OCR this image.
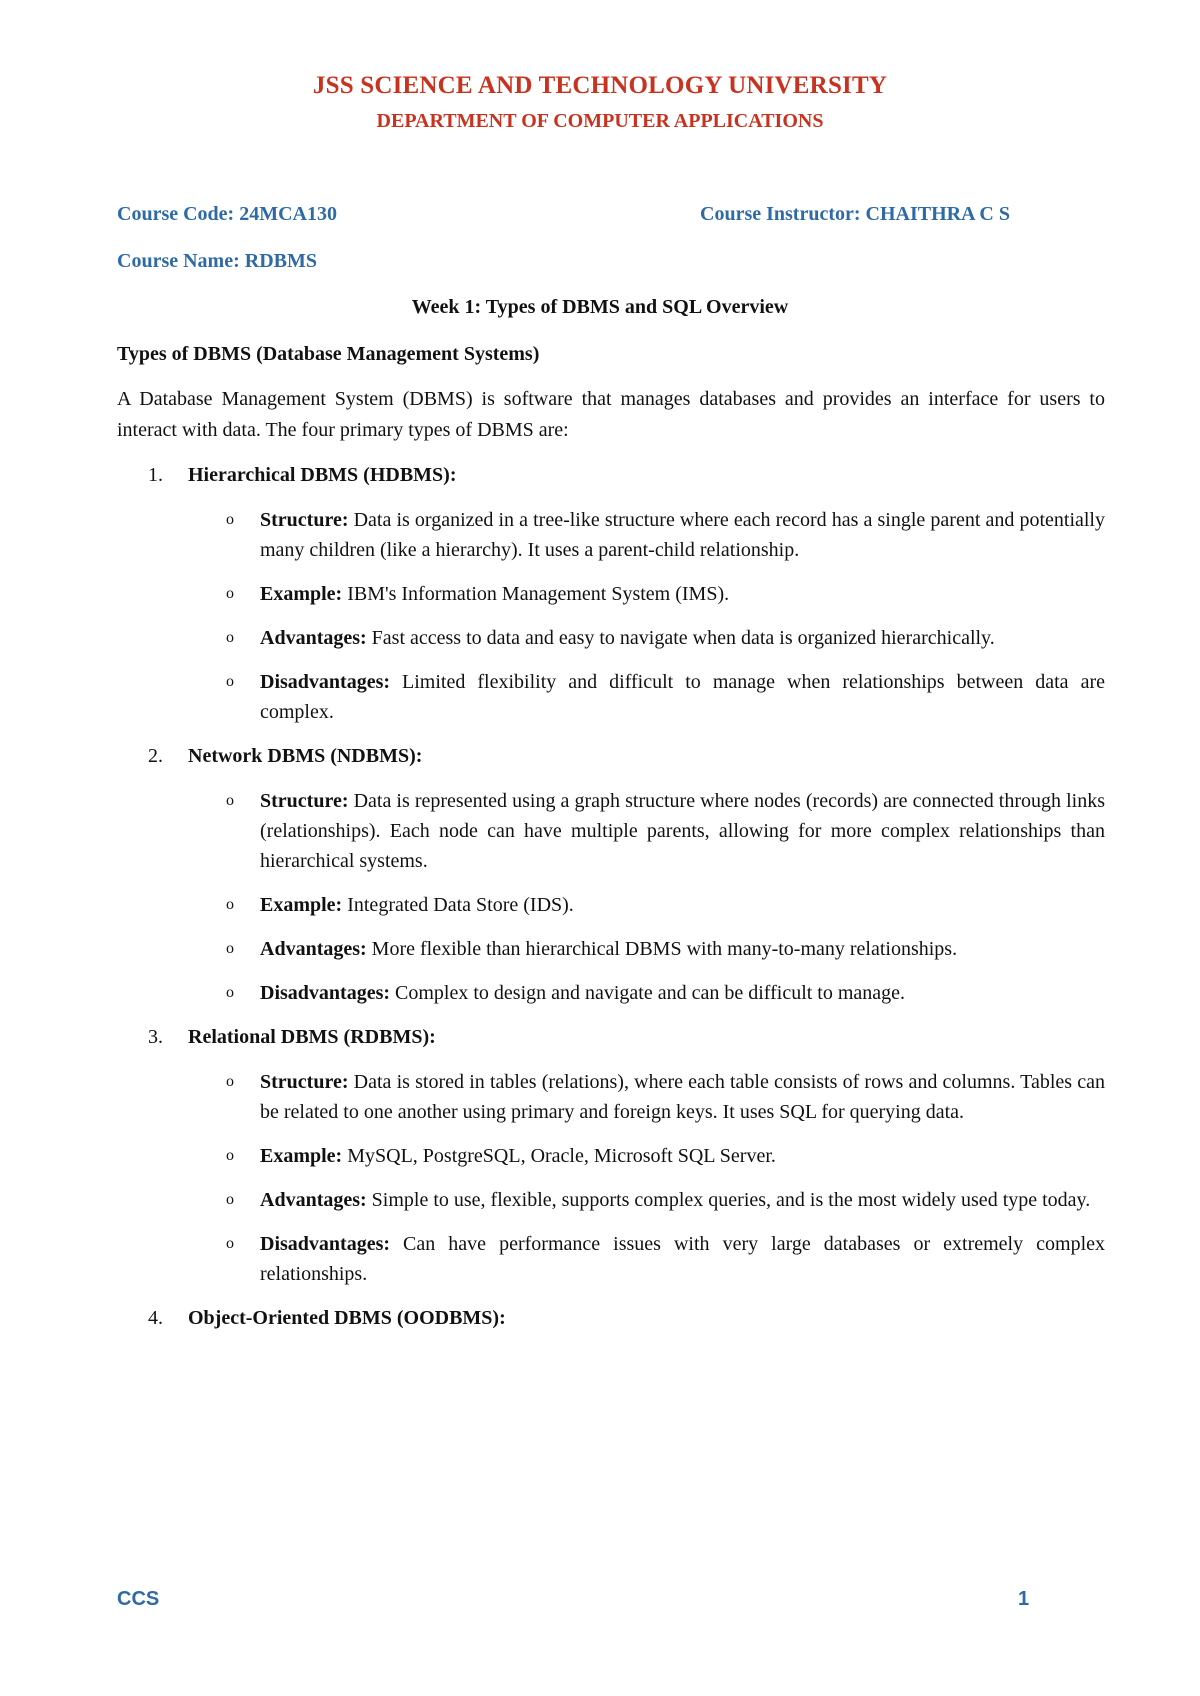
JSS SCIENCE AND TECHNOLOGY UNIVERSITY
DEPARTMENT OF COMPUTER APPLICATIONS
Course Code: 24MCA130	Course Instructor: CHAITHRA C S
Course Name: RDBMS
Week 1: Types of DBMS and SQL Overview
Types of DBMS (Database Management Systems)
A Database Management System (DBMS) is software that manages databases and provides an interface for users to interact with data. The four primary types of DBMS are:
1.	Hierarchical DBMS (HDBMS):
o	Structure: Data is organized in a tree-like structure where each record has a single parent and potentially many children (like a hierarchy). It uses a parent-child relationship.
o	Example: IBM's Information Management System (IMS).
o	Advantages: Fast access to data and easy to navigate when data is organized hierarchically.
o	Disadvantages: Limited flexibility and difficult to manage when relationships between data are complex.
2.	Network DBMS (NDBMS):
o	Structure: Data is represented using a graph structure where nodes (records) are connected through links (relationships). Each node can have multiple parents, allowing for more complex relationships than hierarchical systems.
o	Example: Integrated Data Store (IDS).
o	Advantages: More flexible than hierarchical DBMS with many-to-many relationships.
o	Disadvantages: Complex to design and navigate and can be difficult to manage.
3.	Relational DBMS (RDBMS):
o	Structure: Data is stored in tables (relations), where each table consists of rows and columns. Tables can be related to one another using primary and foreign keys. It uses SQL for querying data.
o	Example: MySQL, PostgreSQL, Oracle, Microsoft SQL Server.
o	Advantages: Simple to use, flexible, supports complex queries, and is the most widely used type today.
o	Disadvantages: Can have performance issues with very large databases or extremely complex relationships.
4.	Object-Oriented DBMS (OODBMS):
CCS	1
